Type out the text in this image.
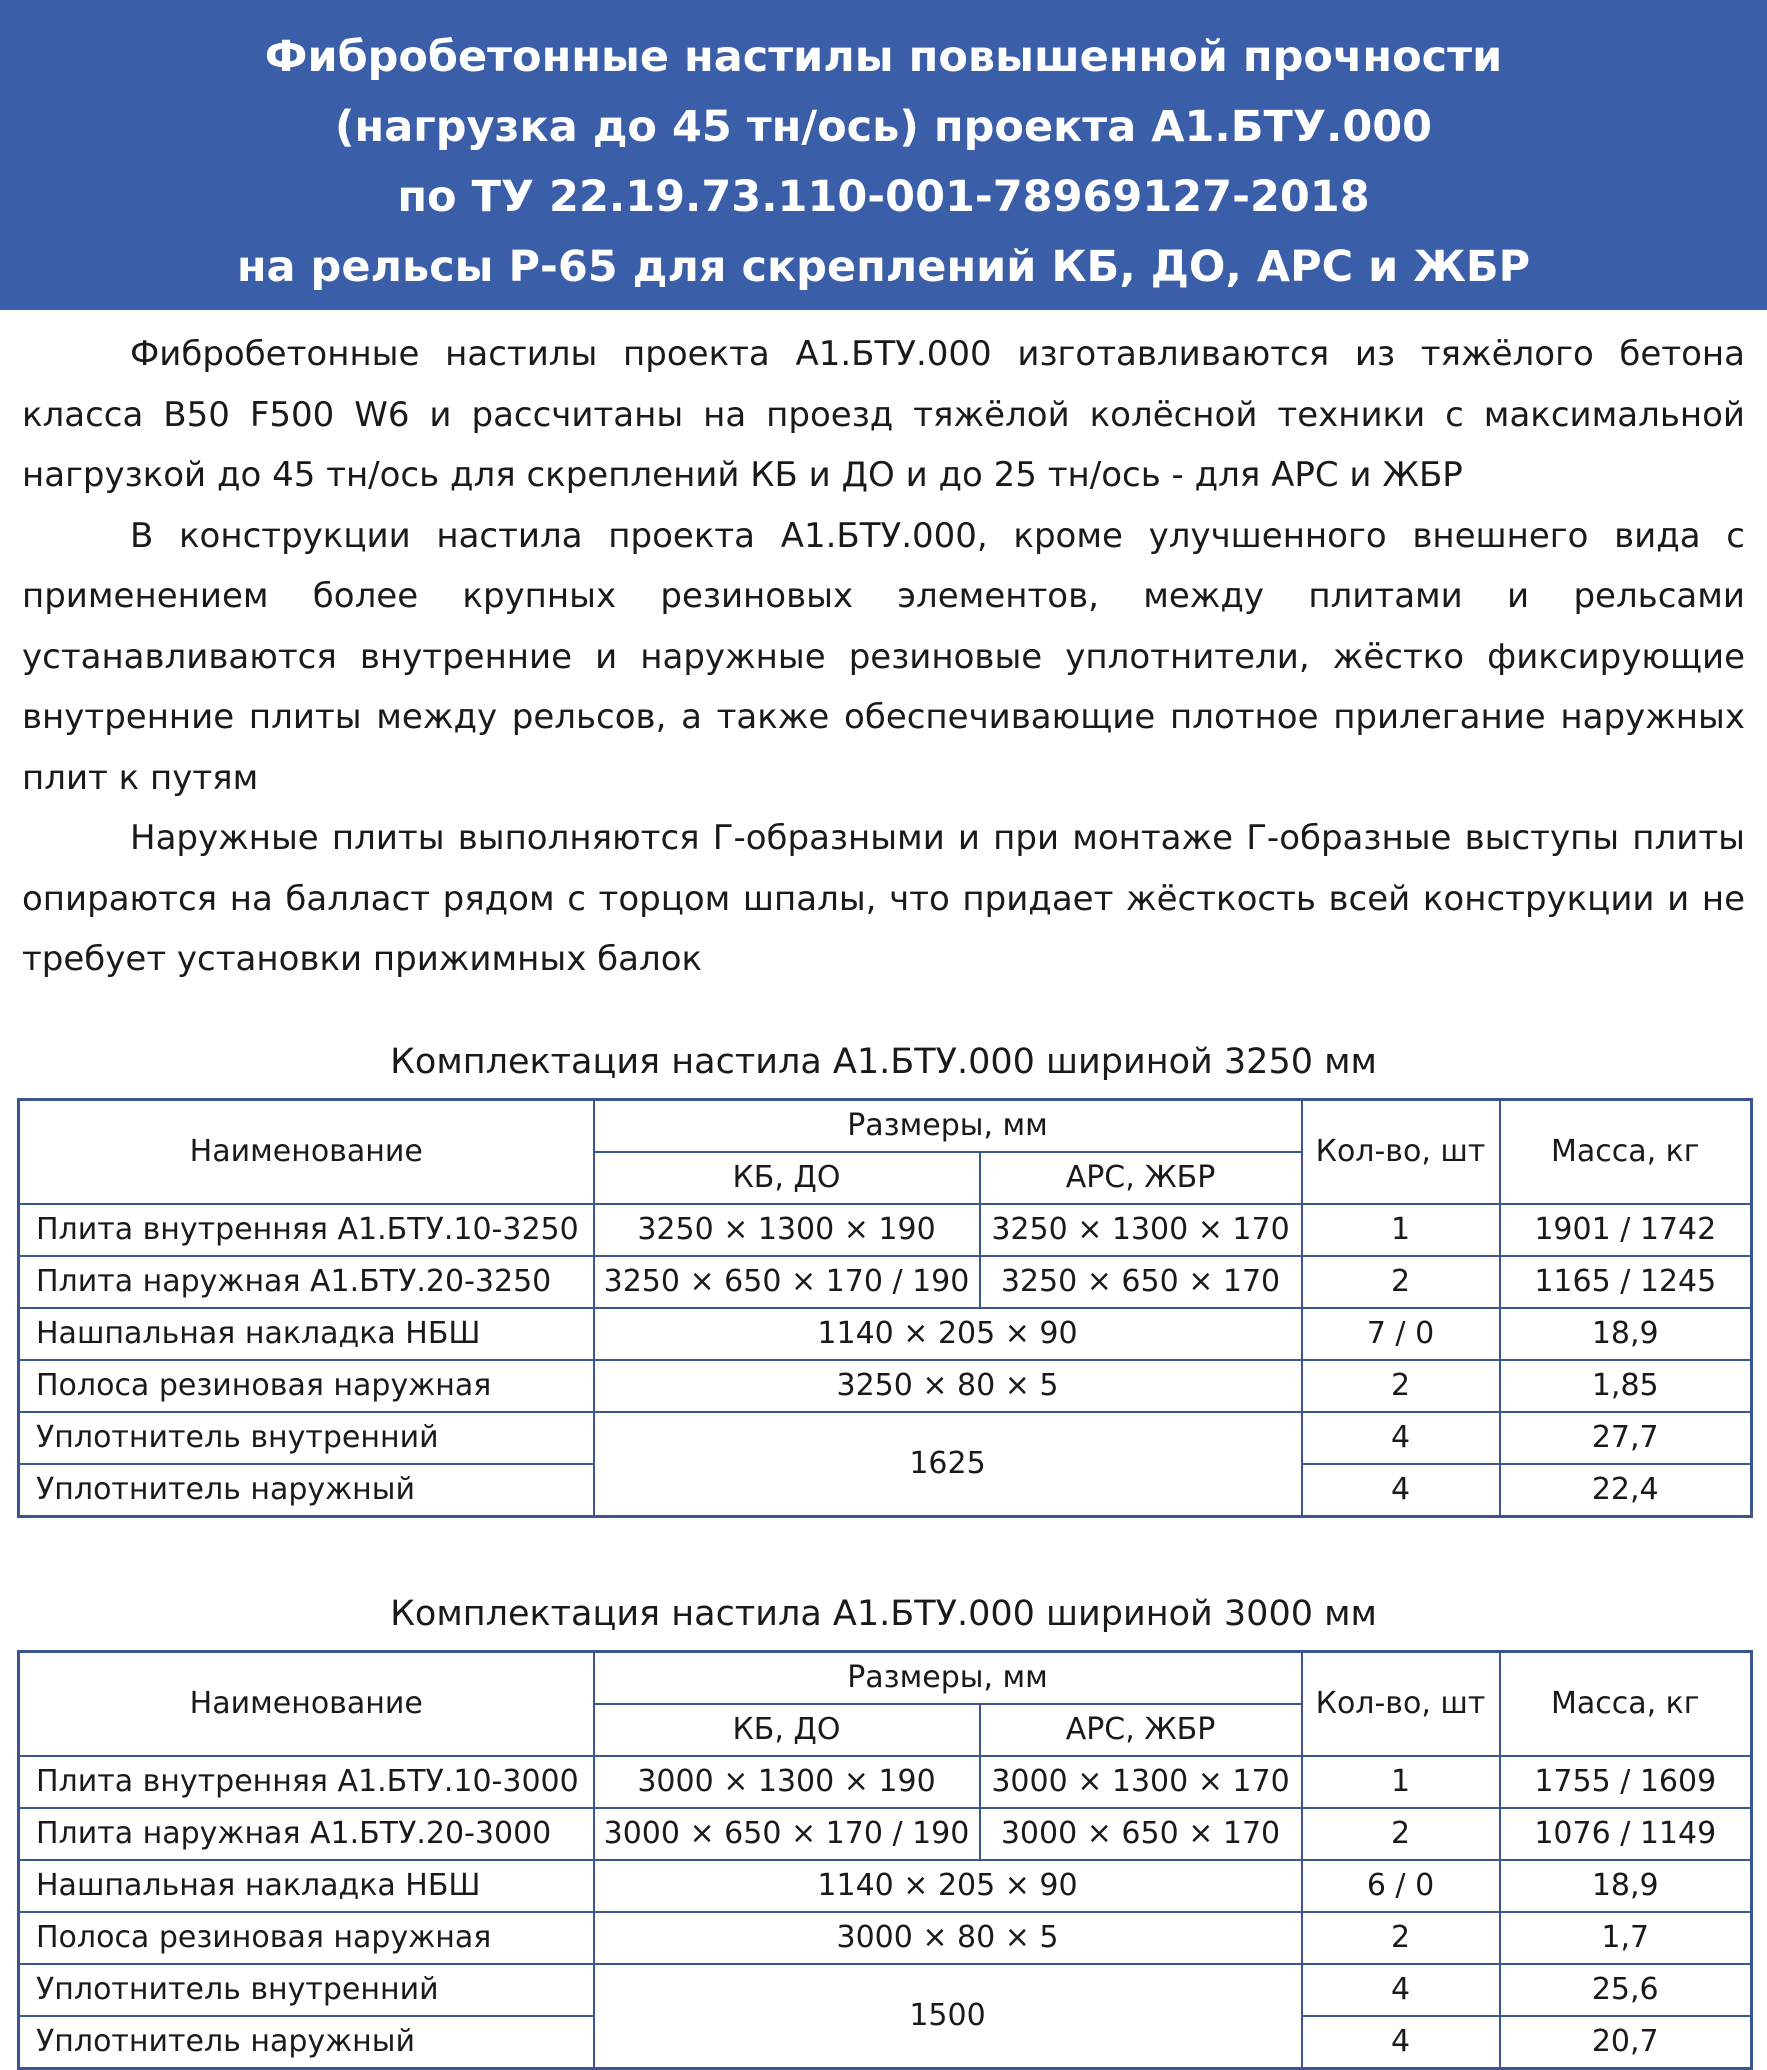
Фибробетонные настилы повышенной прочности
(нагрузка до 45 тн/ось) проекта А1.БТУ.000
по ТУ 22.19.73.110-001-78969127-2018
на рельсы Р-65 для скреплений КБ, ДО, АРС и ЖБР

Фибробетонные настилы проекта А1.БТУ.000 изготавливаются из тяжёлого бетона класса В50 F500 W6 и рассчитаны на проезд тяжёлой колёсной техники с максимальной нагрузкой до 45 тн/ось для скреплений КБ и ДО и до 25 тн/ось - для АРС и ЖБР

В конструкции настила проекта А1.БТУ.000, кроме улучшенного внешнего вида с применением более крупных резиновых элементов, между плитами и рельсами устанавливаются внутренние и наружные резиновые уплотнители, жёстко фиксирующие внутренние плиты между рельсов, а также обеспечивающие плотное прилегание наружных плит к путям

Наружные плиты выполняются Г-образными и при монтаже Г-образные выступы плиты опираются на балласт рядом с торцом шпалы, что придает жёсткость всей конструкции и не требует установки прижимных балок

Комплектация настила А1.БТУ.000 шириной 3250 мм
Наименование	Размеры, мм		Кол-во, шт	Масса, кг
	КБ, ДО	АРС, ЖБР		
Плита внутренняя А1.БТУ.10-3250	3250 × 1300 × 190	3250 × 1300 × 170	1	1901 / 1742
Плита наружная А1.БТУ.20-3250	3250 × 650 × 170 / 190	3250 × 650 × 170	2	1165 / 1245
Нашпальная накладка НБШ	1140 × 205 × 90		7 / 0	18,9
Полоса резиновая наружная	3250 × 80 × 5		2	1,85
Уплотнитель внутренний	1625		4	27,7
Уплотнитель наружный			4	22,4
Комплектация настила А1.БТУ.000 шириной 3000 мм
Наименование	Размеры, мм		Кол-во, шт	Масса, кг
	КБ, ДО	АРС, ЖБР		
Плита внутренняя А1.БТУ.10-3000	3000 × 1300 × 190	3000 × 1300 × 170	1	1755 / 1609
Плита наружная А1.БТУ.20-3000	3000 × 650 × 170 / 190	3000 × 650 × 170	2	1076 / 1149
Нашпальная накладка НБШ	1140 × 205 × 90		6 / 0	18,9
Полоса резиновая наружная	3000 × 80 × 5		2	1,7
Уплотнитель внутренний	1500		4	25,6
Уплотнитель наружный			4	20,7
